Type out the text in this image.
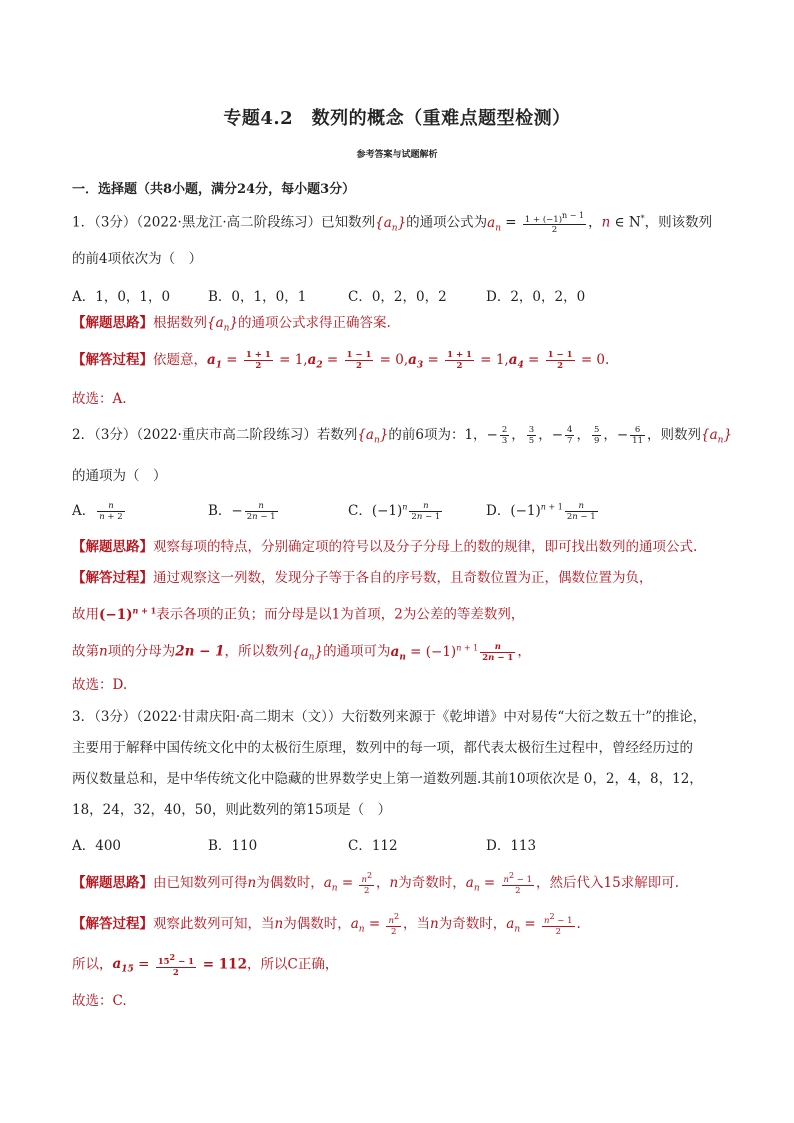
专题4.2　数列的概念（重难点题型检测）
参考答案与试题解析
一．选择题（共8小题，满分24分，每小题3分）
1．（3分）（2022·黑龙江·高二阶段练习）已知数列$\{a_n\}$的通项公式为$a_n = \frac{1 + (-1)^{n - 1}}{2}$ ，n ∈ N*，则该数列
的前4项依次为（　）
A．1，0，1，0	B．0，1，0，1	C．0，2，0，2	D．2，0，2，0
【解题思路】根据数列$\{a_n\}$的通项公式求得正确答案.
【解答过程】依题意，$a_1 = \frac{1 + 1}{2} = 1,a_2 = \frac{1 - 1}{2} = 0,a_3 = \frac{1 + 1}{2} = 1,a_4 = \frac{1 - 1}{2} = 0$.
故选：A.
2．（3分）（2022·重庆市高二阶段练习）若数列$\{a_n\}$的前6项为：1，− $\frac{2}{3}$ ， $\frac{3}{5}$ ，− $\frac{4}{7}$ ， $\frac{5}{9}$ ，− $\frac{6}{11}$ ，则数列$\{a_n\}$
的通项为（　）
A． $\frac{n}{n + 2}$	B．− $\frac{n}{2n - 1}$	C．$(-1)^n \frac{n}{2n - 1}$	D．$(-1)^{n + 1} \frac{n}{2n - 1}$
【解题思路】观察每项的特点，分别确定项的符号以及分子分母上的数的规律，即可找出数列的通项公式.
【解答过程】通过观察这一列数，发现分子等于各自的序号数，且奇数位置为正，偶数位置为负，
故用$(-1)^{n + 1}$表示各项的正负；而分母是以1为首项，2为公差的等差数列，
故第n项的分母为2n − 1，所以数列$\{a_n\}$的通项可为$a_n = (-1)^{n + 1} \frac{n}{2n - 1}$ ，
故选：D.
3．（3分）（2022·甘肃庆阳·高二期末（文））大衍数列来源于《乾坤谱》中对易传“大衍之数五十”的推论，
主要用于解释中国传统文化中的太极衍生原理，数列中的每一项，都代表太极衍生过程中，曾经经历过的
两仪数量总和，是中华传统文化中隐藏的世界数学史上第一道数列题.其前10项依次是 0，2，4，8，12，
18，24，32，40，50，则此数列的第15项是（　）
A．400	B．110	C．112	D．113
【解题思路】由已知数列可得n为偶数时，$a_n = \frac{n^2}{2}$ ，n为奇数时，$a_n = \frac{n^2 - 1}{2}$ ，然后代入15求解即可.
【解答过程】观察此数列可知，当n为偶数时，$a_n = \frac{n^2}{2}$ ，当n为奇数时，$a_n = \frac{n^2 - 1}{2}$ .
所以，$a_{15} = \frac{15^2 - 1}{2} = 112$，所以C正确，
故选：C.
